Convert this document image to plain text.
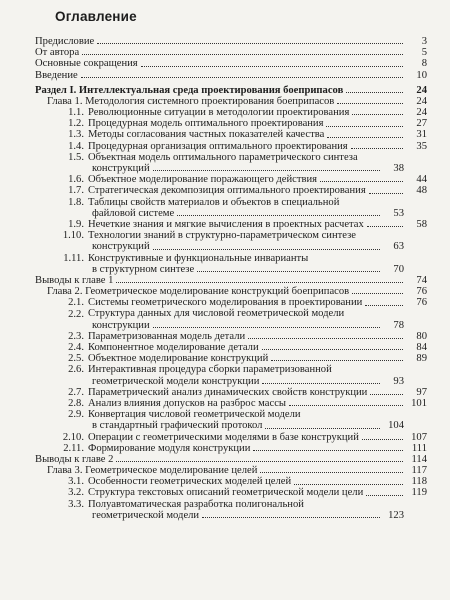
Оглавление
Предисловие	3
От автора	5
Основные сокращения	8
Введение	10
Раздел I. Интеллектуальная среда проектирования боеприпасов	24
Глава 1. Методология системного проектирования боеприпасов	24
1.1. Революционные ситуации в методологии проектирования	24
1.2. Процедурная модель оптимального проектирования	27
1.3. Методы согласования частных показателей качества	31
1.4. Процедурная организация оптимального проектирования	35
1.5. Объектная модель оптимального параметрического синтеза
конструкций	38
1.6. Объектное моделирование поражающего действия	44
1.7. Стратегическая декомпозиция оптимального проектирования	48
1.8. Таблицы свойств материалов и объектов в специальной
файловой системе	53
1.9. Нечеткие знания и мягкие вычисления в проектных расчетах	58
1.10. Технологии знаний в структурно-параметрическом синтезе
конструкций	63
1.11. Конструктивные и функциональные инварианты
в структурном синтезе	70
Выводы к главе 1	74
Глава 2. Геометрическое моделирование конструкций боеприпасов	76
2.1. Системы геометрического моделирования в проектировании	76
2.2. Структура данных для числовой геометрической модели
конструкции	78
2.3. Параметризованная модель детали	80
2.4. Компонентное моделирование детали	84
2.5. Объектное моделирование конструкций	89
2.6. Интерактивная процедура сборки параметризованной
геометрической модели конструкции	93
2.7. Параметрический анализ динамических свойств конструкции	97
2.8. Анализ влияния допусков на разброс массы	101
2.9. Конвертация числовой геометрической модели
в стандартный графический протокол	104
2.10. Операции с геометрическими моделями в базе конструкций	107
2.11. Формирование модуля конструкции	111
Выводы к главе 2	114
Глава 3. Геометрическое моделирование целей	117
3.1. Особенности геометрических моделей целей	118
3.2. Структура текстовых описаний геометрической модели цели	119
3.3. Полуавтоматическая разработка полигональной
геометрической модели	123
